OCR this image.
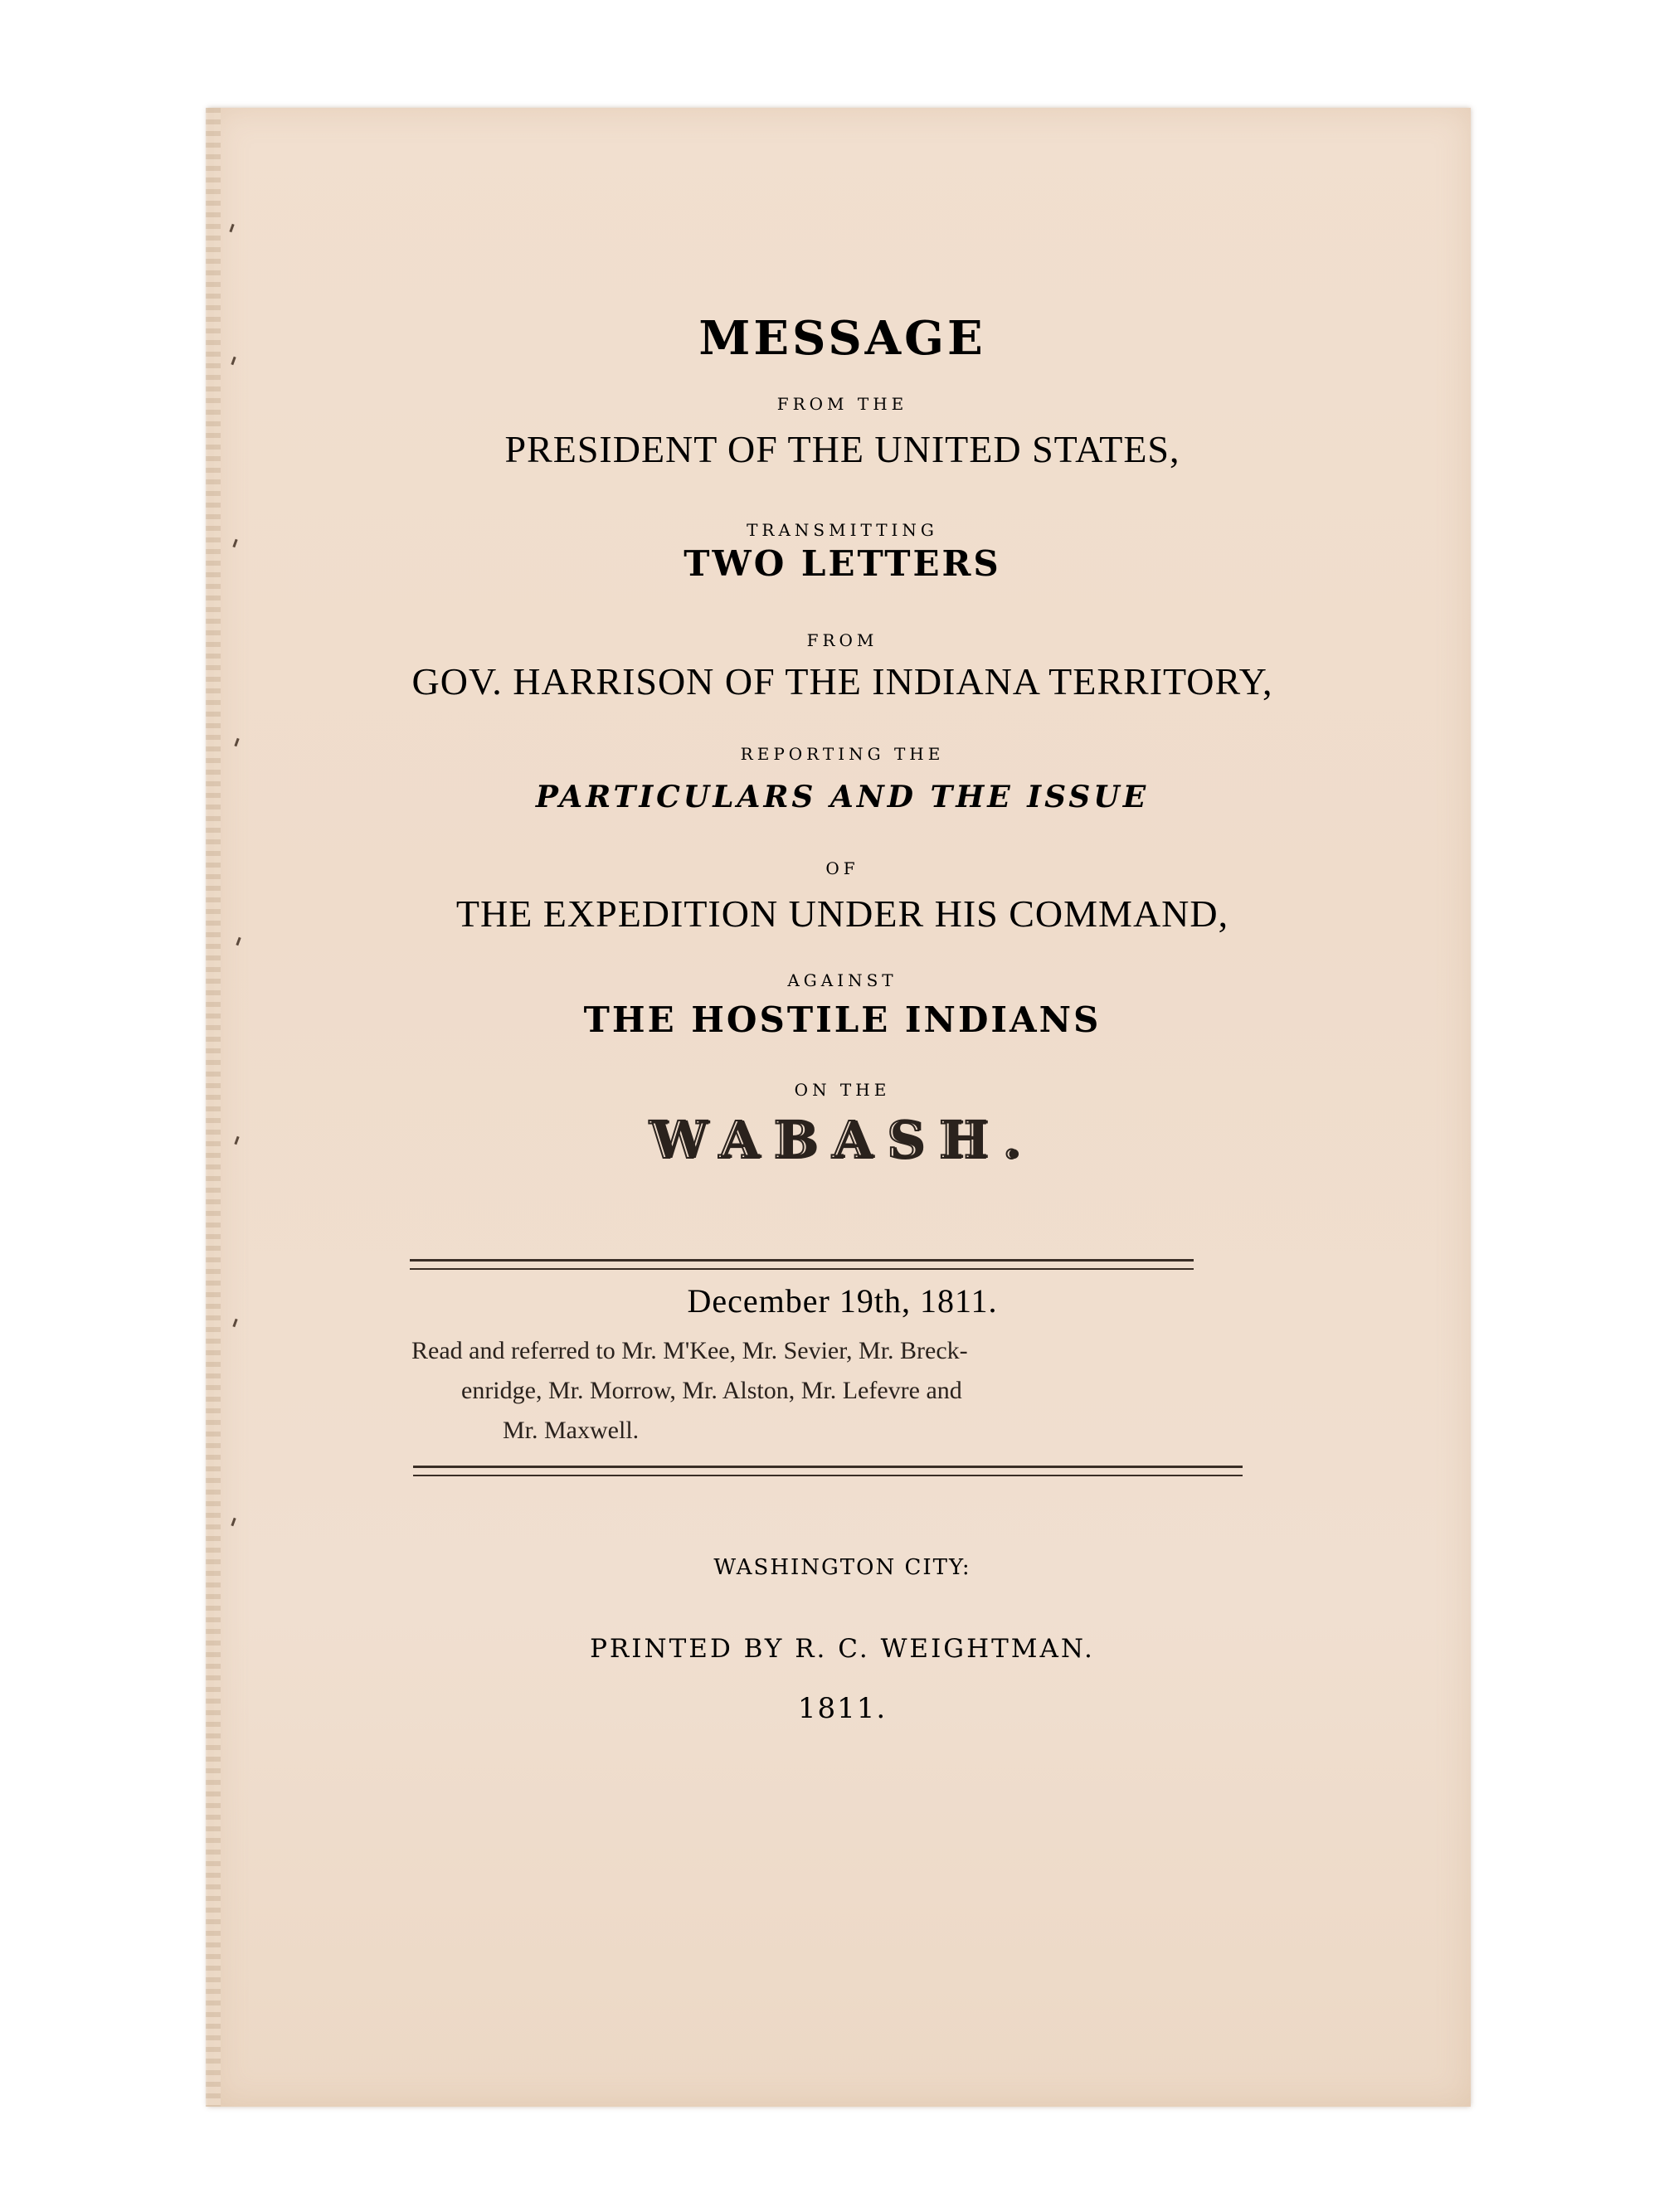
MESSAGE
FROM THE
PRESIDENT OF THE UNITED STATES,
TRANSMITTING
TWO LETTERS
FROM
GOV. HARRISON OF THE INDIANA TERRITORY,
REPORTING THE
PARTICULARS AND THE ISSUE
OF
THE EXPEDITION UNDER HIS COMMAND,
AGAINST
THE HOSTILE INDIANS
ON THE
WABASH.
December 19th, 1811.
Read and referred to Mr. M'Kee, Mr. Sevier, Mr. Breck-
enridge, Mr. Morrow, Mr. Alston, Mr. Lefevre and
Mr. Maxwell.
WASHINGTON CITY:
PRINTED BY R. C. WEIGHTMAN.
1811.
